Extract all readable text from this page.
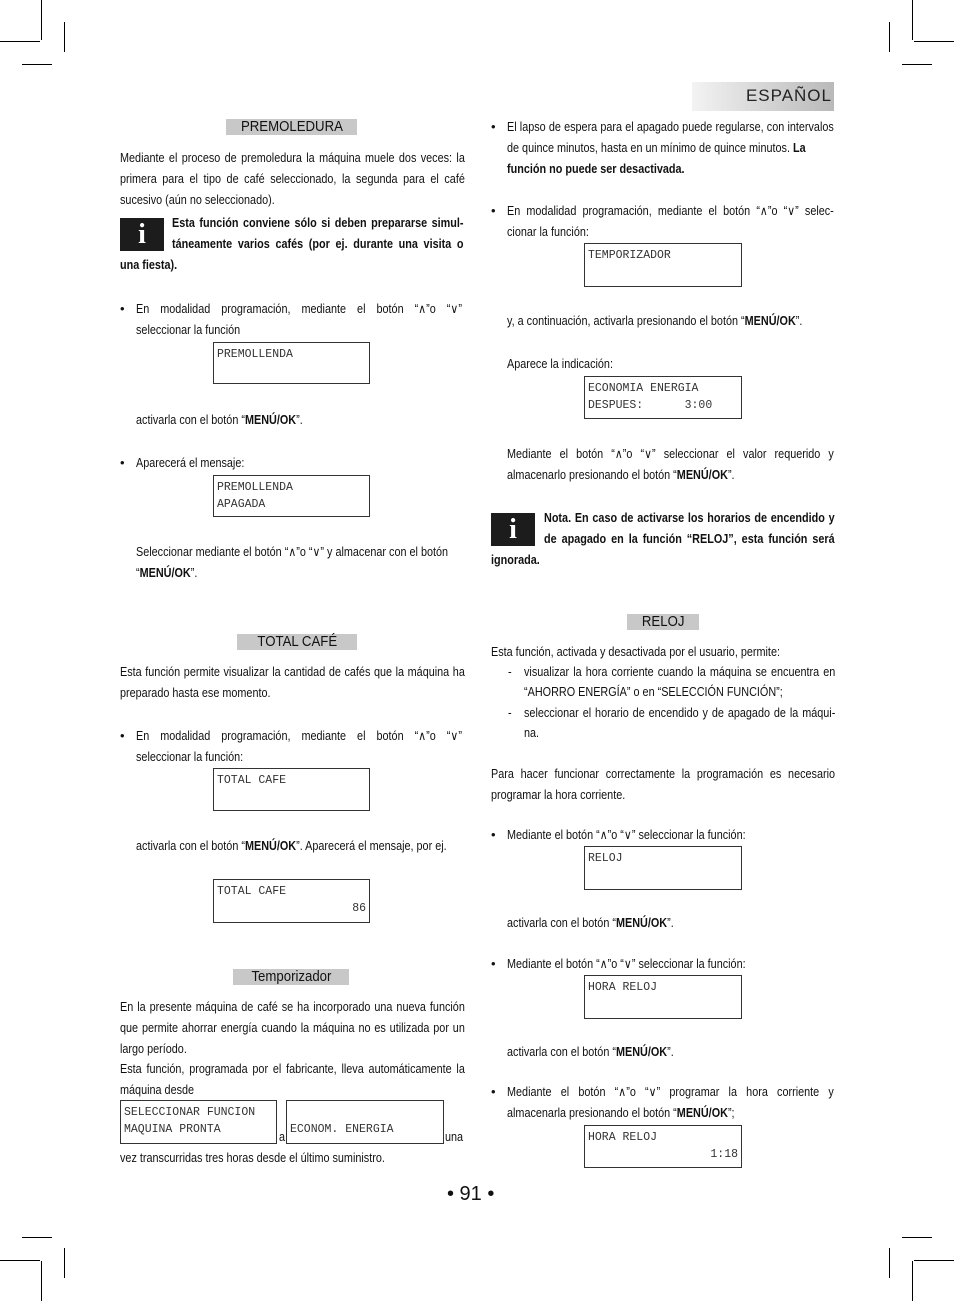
ESPAÑOL
PREMOLEDURA
Mediante el proceso de premoledura la máquina muele dos veces: la primera para el tipo de café seleccionado, la segunda para el café sucesivo (aún no seleccionado).
i	Esta función conviene sólo si deben prepararse simul-
táneamente varios cafés (por ej. durante una visita o
una fiesta).
• En modalidad programación, mediante el botón “∧”o “∨”
seleccionar la función
PREMOLLENDA
activarla con el botón “MENÚ/OK”.
• Aparecerá el mensaje:
PREMOLLENDA
APAGADA
Seleccionar mediante el botón “∧”o “∨” y almacenar con el botón
“MENÚ/OK”.
TOTAL CAFÉ
Esta función permite visualizar la cantidad de cafés que la máquina ha preparado hasta ese momento.
• En modalidad programación, mediante el botón “∧”o “∨”
seleccionar la función:
TOTAL CAFE
activarla con el botón “MENÚ/OK”. Aparecerá el mensaje, por ej.
TOTAL CAFE

86
Temporizador
En la presente máquina de café se ha incorporado una nueva función que permite ahorrar energía cuando la máquina no es utilizada por un largo período.
Esta función, programada por el fabricante, lleva automáticamente la máquina desde
SELECCIONAR FUNCION
MAQUINA PRONTA
a

ECONOM. ENERGIA
una
vez transcurridas tres horas desde el último suministro.
• El lapso de espera para el apagado puede regularse, con intervalos
de quince minutos, hasta en un mínimo de quince minutos. La
función no puede ser desactivada.
• En modalidad programación, mediante el botón “∧”o “∨” selec-
cionar la función:
TEMPORIZADOR
y, a continuación, activarla presionando el botón “MENÚ/OK”.
Aparece la indicación:
ECONOMIA ENERGIA
DESPUES:      3:00
Mediante el botón “∧”o “∨” seleccionar el valor requerido y
almacenarlo presionando el botón “MENÚ/OK”.
i	Nota. En caso de activarse los horarios de encendido y
de apagado en la función “RELOJ”, esta función será
ignorada.
RELOJ
Esta función, activada y desactivada por el usuario, permite:
- visualizar la hora corriente cuando la máquina se encuentra en
“AHORRO ENERGÍA” o en “SELECCIÓN FUNCIÓN”;
- seleccionar el horario de encendido y de apagado de la máqui-
na.
Para hacer funcionar correctamente la programación es necesario programar la hora corriente.
• Mediante el botón “∧”o “∨” seleccionar la función:
RELOJ
activarla con el botón “MENÚ/OK”.
• Mediante el botón “∧”o “∨” seleccionar la función:
HORA RELOJ
activarla con el botón “MENÚ/OK”.
• Mediante el botón “∧”o “∨” programar la hora corriente y
almacenarla presionando el botón “MENÚ/OK”;
HORA RELOJ

1:18
• 91 •
